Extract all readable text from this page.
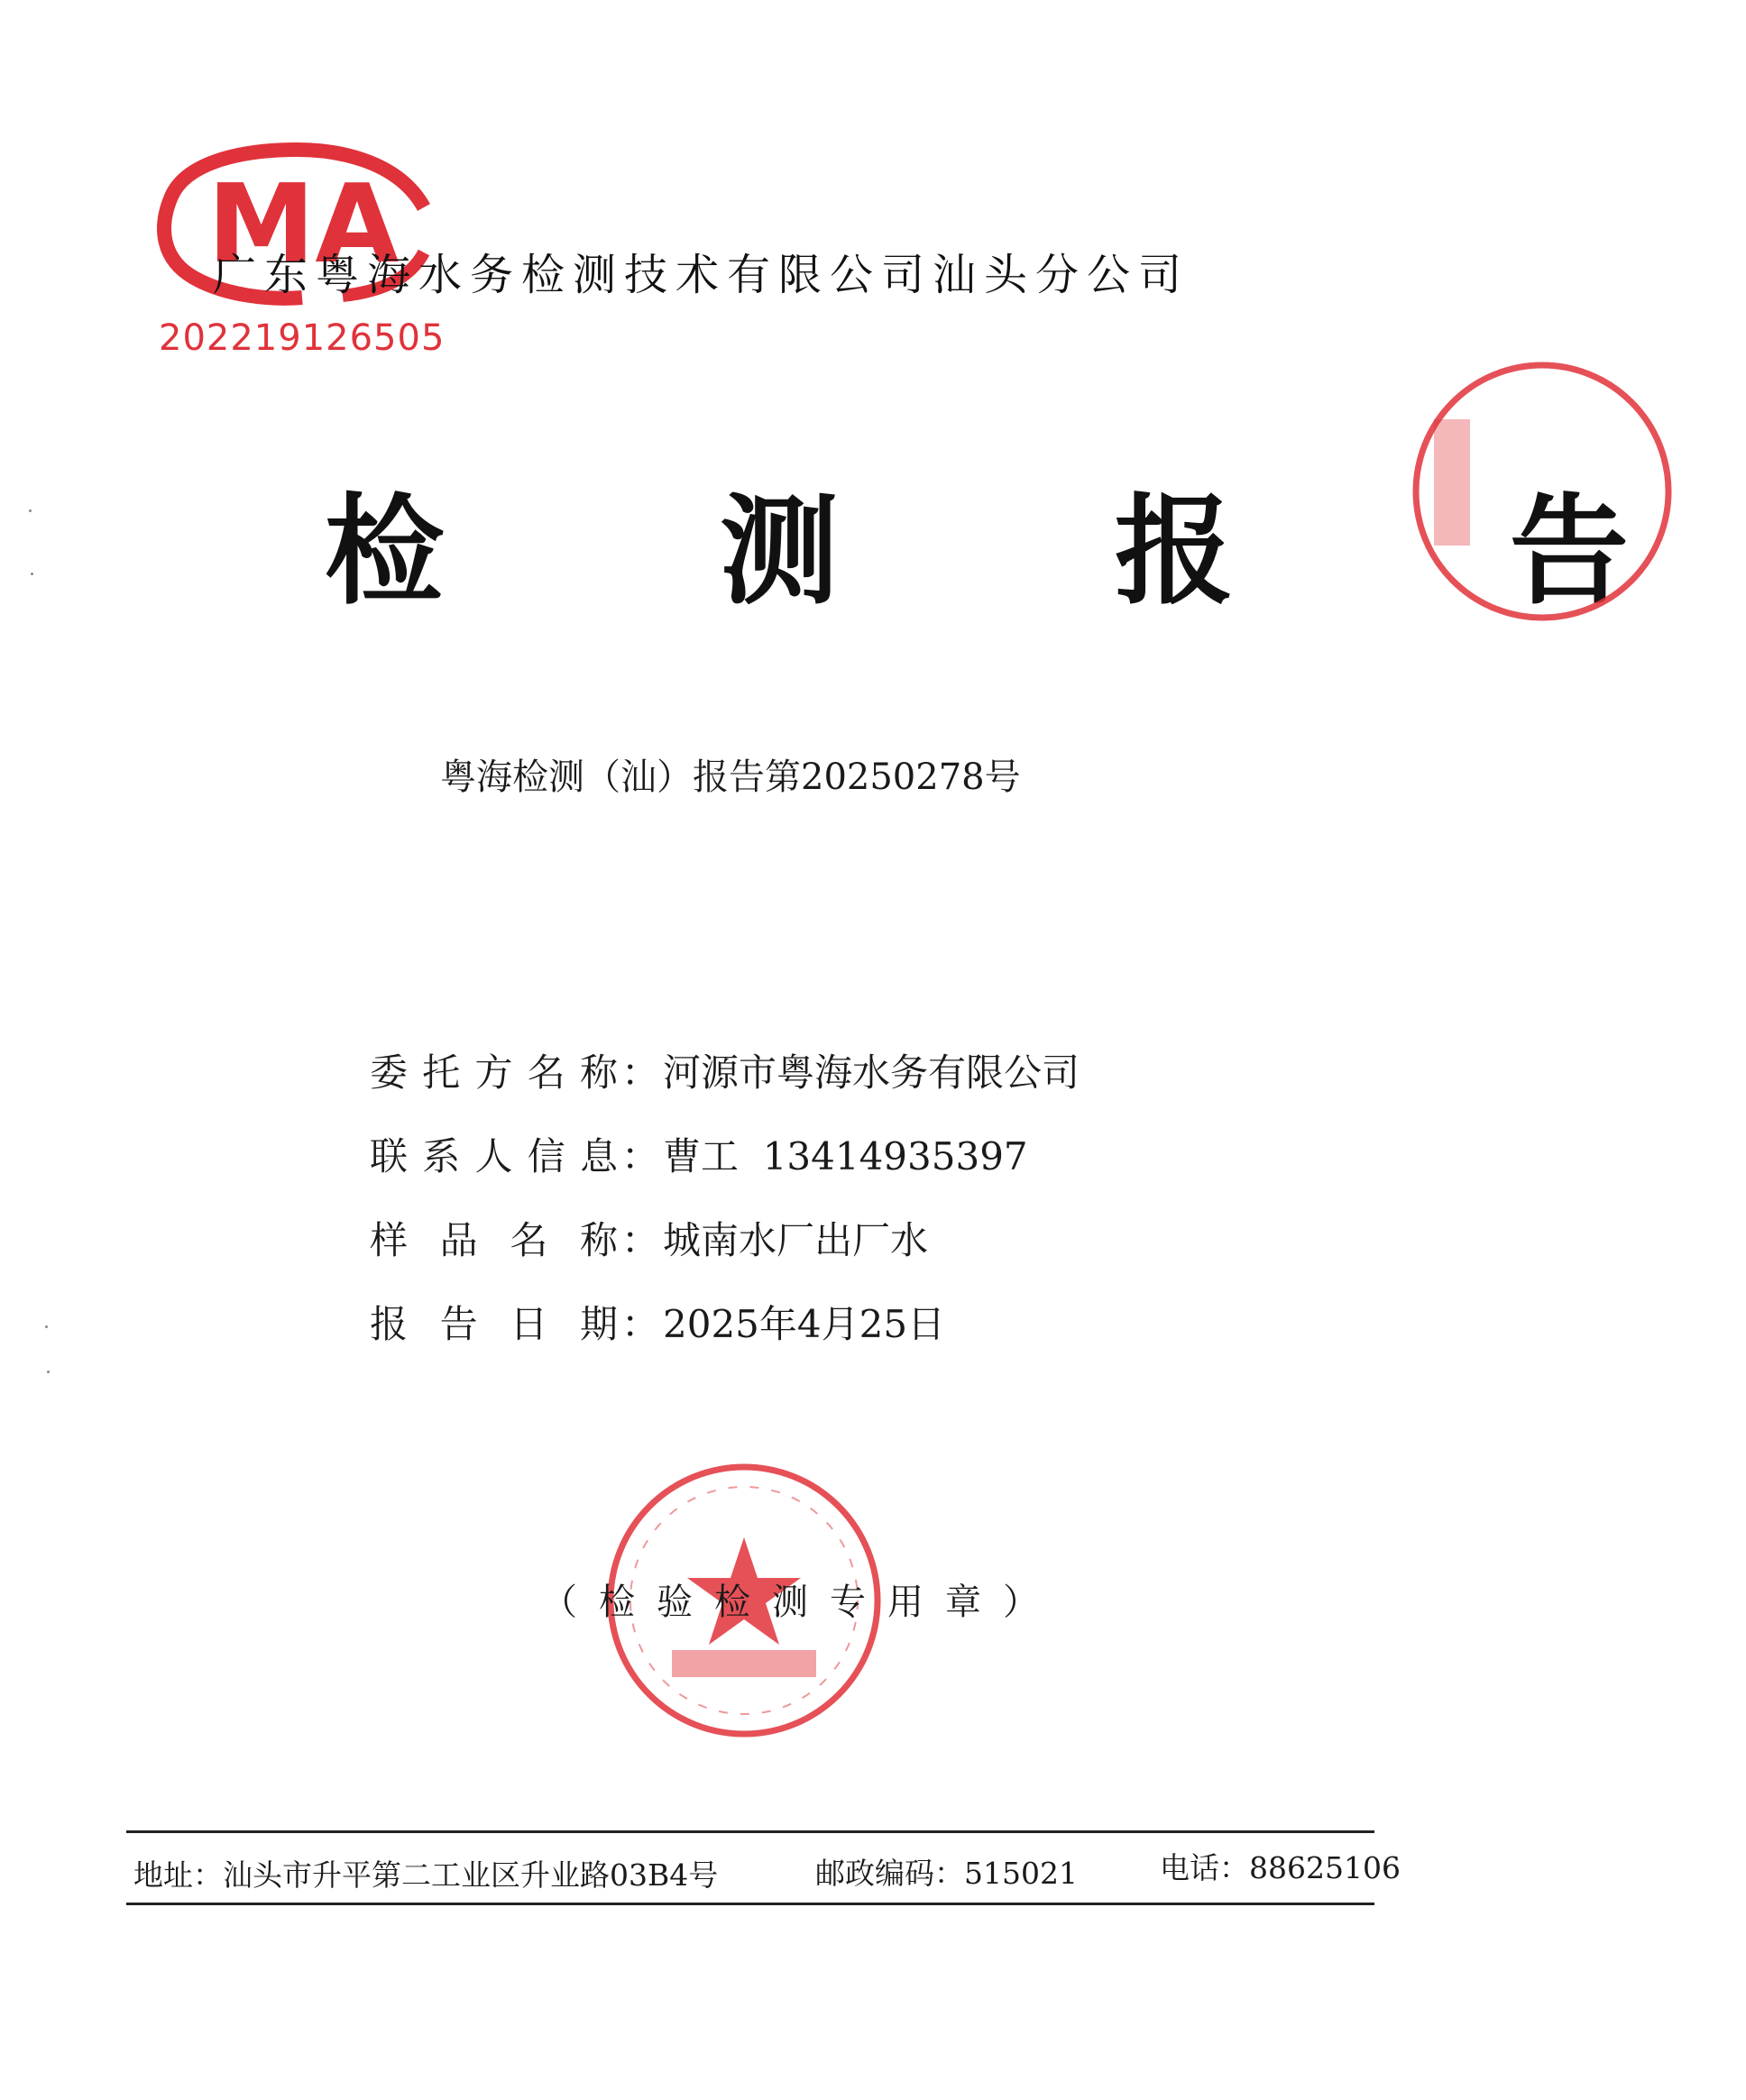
MA
202219126505
广东粤海水务检测技术有限公司汕头分公司
检 测 报 告
粤海检测（汕）报告第20250278号
委 托 方 名 称 ： 河源市粤海水务有限公司
联 系 人 信 息 ： 曹工  13414935397
样 品 名 称 ： 城南水厂出厂水
报 告 日 期 ： 2025年4月25日
（检验检测专用章）
地址：汕头市升平第二工业区升业路03B4号	邮政编码：515021	电话：88625106
